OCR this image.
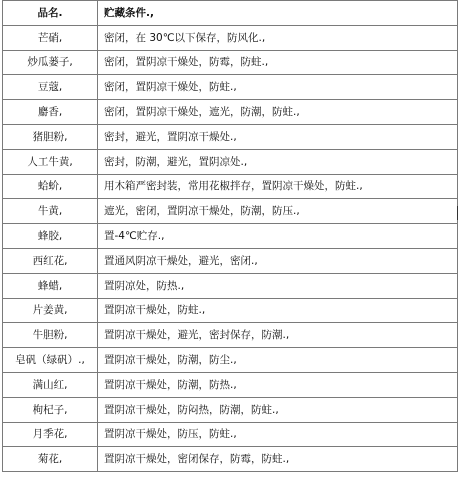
品名.	贮藏条件.,
芒硝,	密闭，在 30℃以下保存，防风化.,
炒瓜蒌子,	密闭，置阴凉干燥处，防霉，防蛀.,
豆蔻,	密闭，置阴凉干燥处，防蛀.,
麝香,	密闭，置阴凉干燥处，遮光，防潮，防蛀.,
猪胆粉,	密封，避光，置阴凉干燥处.,
人工牛黄,	密封，防潮，避光，置阴凉处.,
蛤蚧,	用木箱严密封装，常用花椒拌存，置阴凉干燥处，防蛀.,
牛黄,	遮光，密闭，置阴凉干燥处，防潮，防压.,
蜂胶,	置-4℃贮存.,
西红花,	置通风阴凉干燥处，避光，密闭.,
蜂蜡,	置阴凉处，防热.,
片姜黄,	置阴凉干燥处，防蛀.,
牛胆粉,	置阴凉干燥处，避光，密封保存，防潮.,
皂矾（绿矾）.,	置阴凉干燥处，防潮，防尘.,
满山红,	置阴凉干燥处，防潮，防热.,
枸杞子,	置阴凉干燥处，防闷热，防潮，防蛀.,
月季花,	置阴凉干燥处，防压，防蛀.,
菊花,	置阴凉干燥处，密闭保存，防霉，防蛀.,
